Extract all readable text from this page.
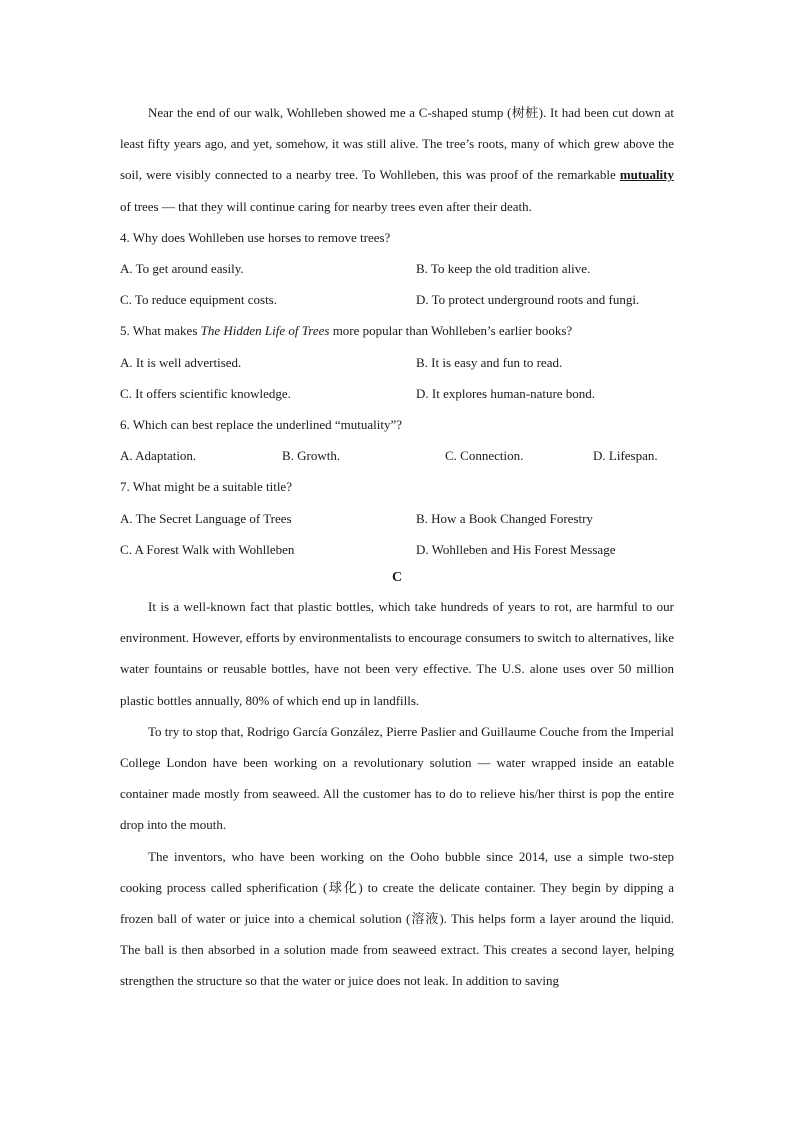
Near the end of our walk, Wohlleben showed me a C-shaped stump (树桩). It had been cut down at least fifty years ago, and yet, somehow, it was still alive. The tree’s roots, many of which grew above the soil, were visibly connected to a nearby tree. To Wohlleben, this was proof of the remarkable mutuality of trees — that they will continue caring for nearby trees even after their death.

4. Why does Wohlleben use horses to remove trees?

A. To get around easily.	B. To keep the old tradition alive.
C. To reduce equipment costs.	D. To protect underground roots and fungi.

5. What makes The Hidden Life of Trees more popular than Wohlleben’s earlier books?

A. It is well advertised.	B. It is easy and fun to read.
C. It offers scientific knowledge.	D. It explores human-nature bond.

6. Which can best replace the underlined “mutuality”?

A. Adaptation.	B. Growth.	C. Connection.	D. Lifespan.

7. What might be a suitable title?

A. The Secret Language of Trees	B. How a Book Changed Forestry
C. A Forest Walk with Wohlleben	D. Wohlleben and His Forest Message

C

It is a well-known fact that plastic bottles, which take hundreds of years to rot, are harmful to our environment. However, efforts by environmentalists to encourage consumers to switch to alternatives, like water fountains or reusable bottles, have not been very effective. The U.S. alone uses over 50 million plastic bottles annually, 80% of which end up in landfills.

To try to stop that, Rodrigo García González, Pierre Paslier and Guillaume Couche from the Imperial College London have been working on a revolutionary solution — water wrapped inside an eatable container made mostly from seaweed. All the customer has to do to relieve his/her thirst is pop the entire drop into the mouth.

The inventors, who have been working on the Ooho bubble since 2014, use a simple two-step cooking process called spherification (球化) to create the delicate container. They begin by dipping a frozen ball of water or juice into a chemical solution (溶液). This helps form a layer around the liquid. The ball is then absorbed in a solution made from seaweed extract. This creates a second layer, helping strengthen the structure so that the water or juice does not leak. In addition to saving
